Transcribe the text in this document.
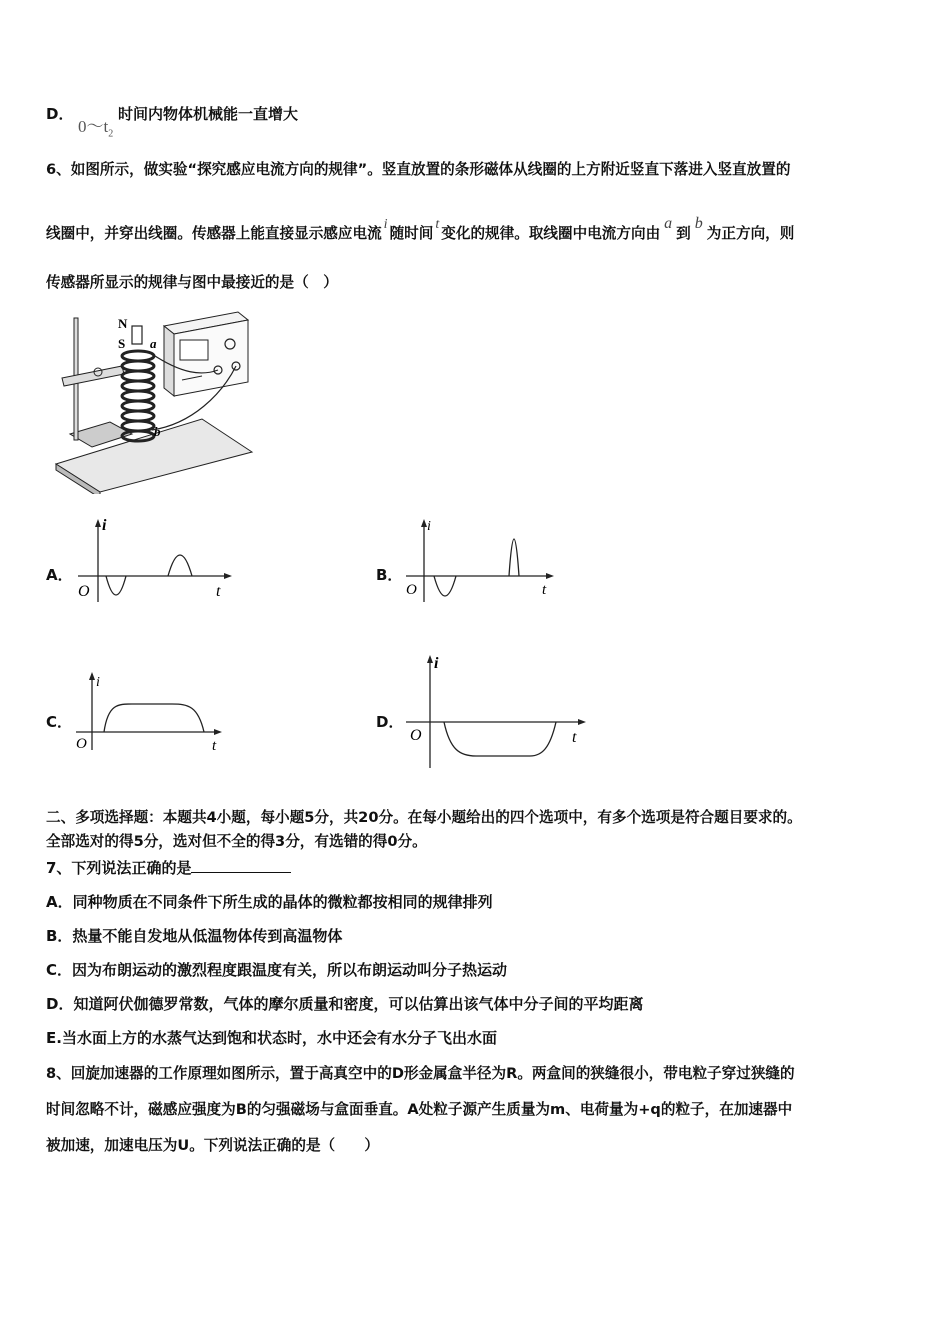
D．
$0\sim t_2$
时间内物体机械能一直增大
6、如图所示，做实验“探究感应电流方向的规律”。竖直放置的条形磁体从线圈的上方附近竖直下落进入竖直放置的
线圈中，并穿出线圈。传感器上能直接显示感应电流i随时间t变化的规律。取线圈中电流方向由a到b为正方向，则
传感器所显示的规律与图中最接近的是（　）
N
S a
b
A．
i
t
O
B．
i
t
O
C．
i
t
O
D．
i
t
O
二、多项选择题：本题共4小题，每小题5分，共20分。在每小题给出的四个选项中，有多个选项是符合题目要求的。
全部选对的得5分，选对但不全的得3分，有选错的得0分。
7、下列说法正确的是
A．同种物质在不同条件下所生成的晶体的微粒都按相同的规律排列
B．热量不能自发地从低温物体传到高温物体
C．因为布朗运动的激烈程度跟温度有关，所以布朗运动叫分子热运动
D．知道阿伏伽德罗常数，气体的摩尔质量和密度，可以估算出该气体中分子间的平均距离
E.当水面上方的水蒸气达到饱和状态时，水中还会有水分子飞出水面
8、回旋加速器的工作原理如图所示，置于高真空中的D形金属盒半径为R。两盒间的狭缝很小，带电粒子穿过狭缝的
时间忽略不计，磁感应强度为B的匀强磁场与盒面垂直。A处粒子源产生质量为m、电荷量为+q的粒子，在加速器中
被加速，加速电压为U。下列说法正确的是（　　）
